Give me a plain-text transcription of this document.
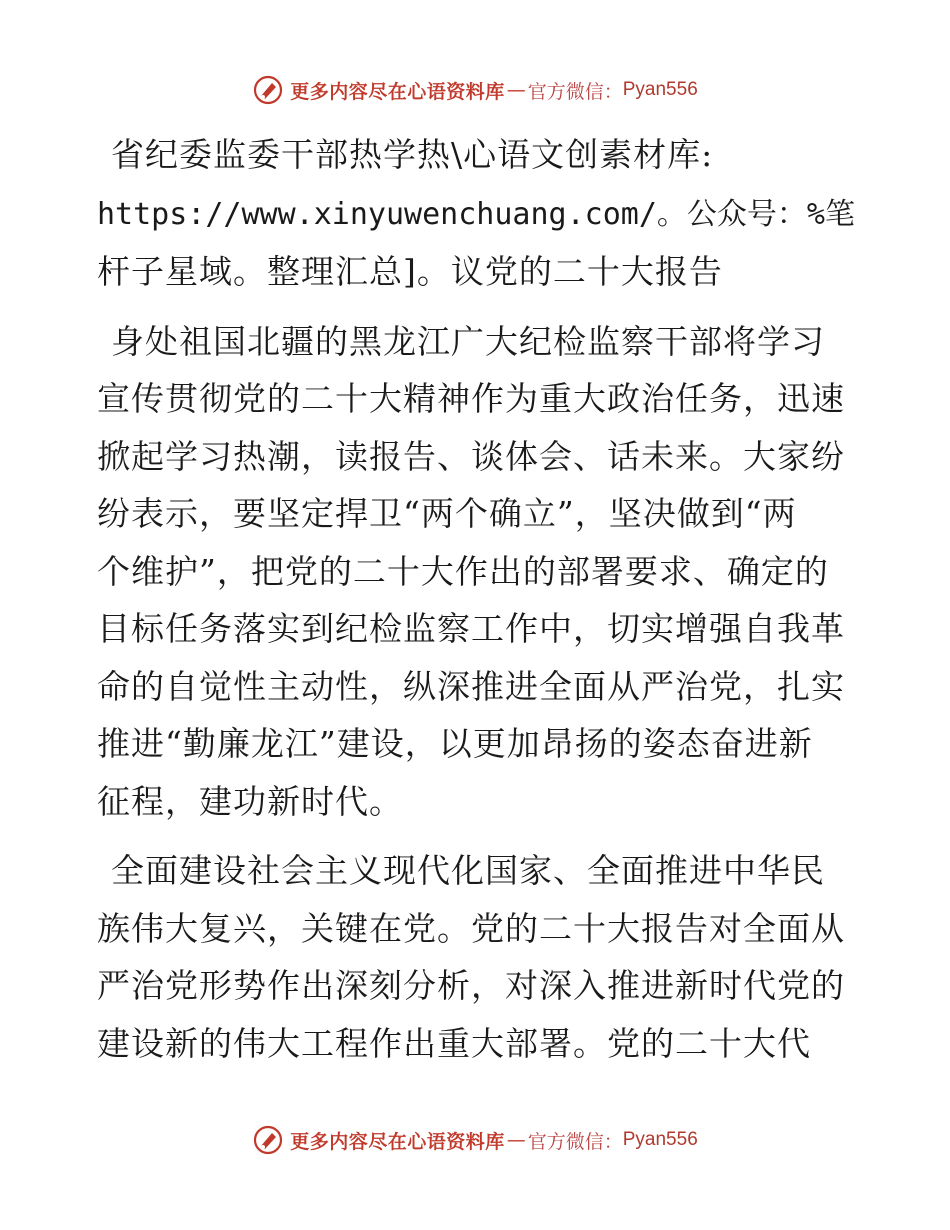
更多内容尽在心语资料库 — 官方微信： Pyan556

省纪委监委干部热学热\心语文创素材库:
https://www.xinyuwenchuang.com/。公众号：%笔
杆子星域。整理汇总]。议党的二十大报告

身处祖国北疆的黑龙江广大纪检监察干部将学习
宣传贯彻党的二十大精神作为重大政治任务，迅速
掀起学习热潮，读报告、谈体会、话未来。大家纷
纷表示，要坚定捍卫“两个确立”，坚决做到“两
个维护”，把党的二十大作出的部署要求、确定的
目标任务落实到纪检监察工作中，切实增强自我革
命的自觉性主动性，纵深推进全面从严治党，扎实
推进“勤廉龙江”建设，以更加昂扬的姿态奋进新
征程，建功新时代。

全面建设社会主义现代化国家、全面推进中华民
族伟大复兴，关键在党。党的二十大报告对全面从
严治党形势作出深刻分析，对深入推进新时代党的
建设新的伟大工程作出重大部署。党的二十大代

更多内容尽在心语资料库 — 官方微信： Pyan556
